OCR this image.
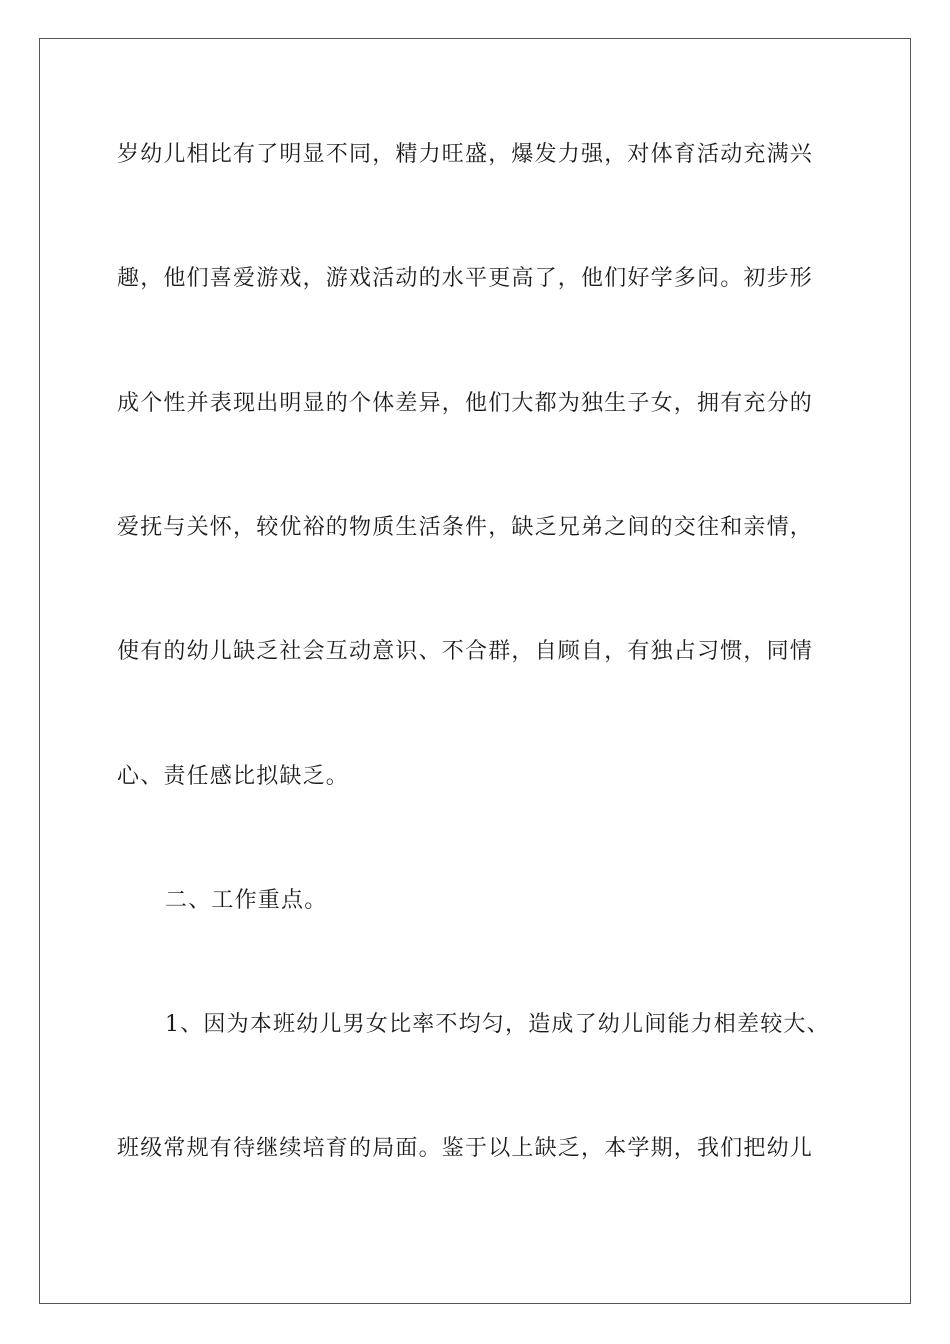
岁幼儿相比有了明显不同，精力旺盛，爆发力强，对体育活动充满兴
趣，他们喜爱游戏，游戏活动的水平更高了，他们好学多问。初步形
成个性并表现出明显的个体差异，他们大都为独生子女，拥有充分的
爱抚与关怀，较优裕的物质生活条件，缺乏兄弟之间的交往和亲情，
使有的幼儿缺乏社会互动意识、不合群，自顾自，有独占习惯，同情
心、责任感比拟缺乏。
二、工作重点。
1、因为本班幼儿男女比率不均匀，造成了幼儿间能力相差较大、
班级常规有待继续培育的局面。鉴于以上缺乏，本学期，我们把幼儿
